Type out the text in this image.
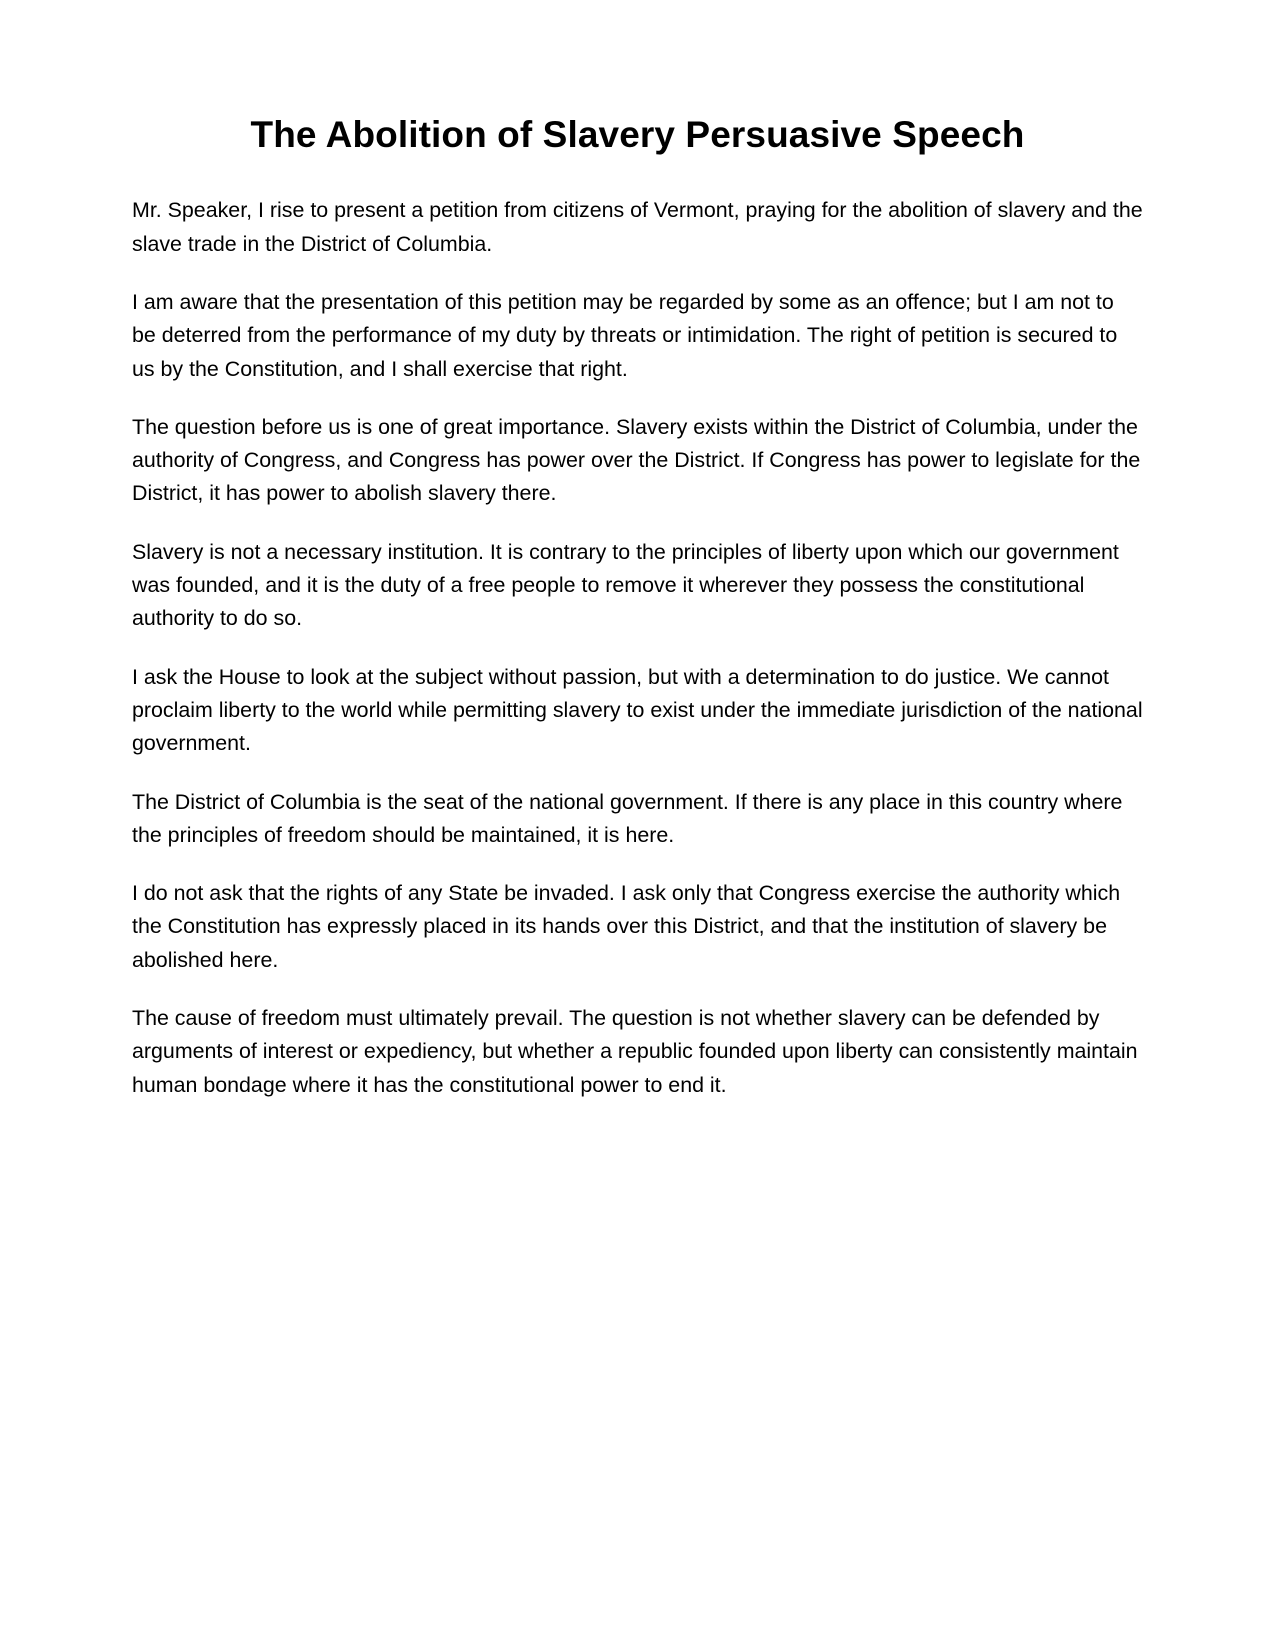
The Abolition of Slavery Persuasive Speech

Mr. Speaker, I rise to present a petition from citizens of Vermont, praying for the abolition of slavery and the slave trade in the District of Columbia.

I am aware that the presentation of this petition may be regarded by some as an offence; but I am not to be deterred from the performance of my duty by threats or intimidation. The right of petition is secured to us by the Constitution, and I shall exercise that right.

The question before us is one of great importance. Slavery exists within the District of Columbia, under the authority of Congress, and Congress has power over the District. If Congress has power to legislate for the District, it has power to abolish slavery there.

Slavery is not a necessary institution. It is contrary to the principles of liberty upon which our government was founded, and it is the duty of a free people to remove it wherever they possess the constitutional authority to do so.

I ask the House to look at the subject without passion, but with a determination to do justice. We cannot proclaim liberty to the world while permitting slavery to exist under the immediate jurisdiction of the national government.

The District of Columbia is the seat of the national government. If there is any place in this country where the principles of freedom should be maintained, it is here.

I do not ask that the rights of any State be invaded. I ask only that Congress exercise the authority which the Constitution has expressly placed in its hands over this District, and that the institution of slavery be abolished here.

The cause of freedom must ultimately prevail. The question is not whether slavery can be defended by arguments of interest or expediency, but whether a republic founded upon liberty can consistently maintain human bondage where it has the constitutional power to end it.
